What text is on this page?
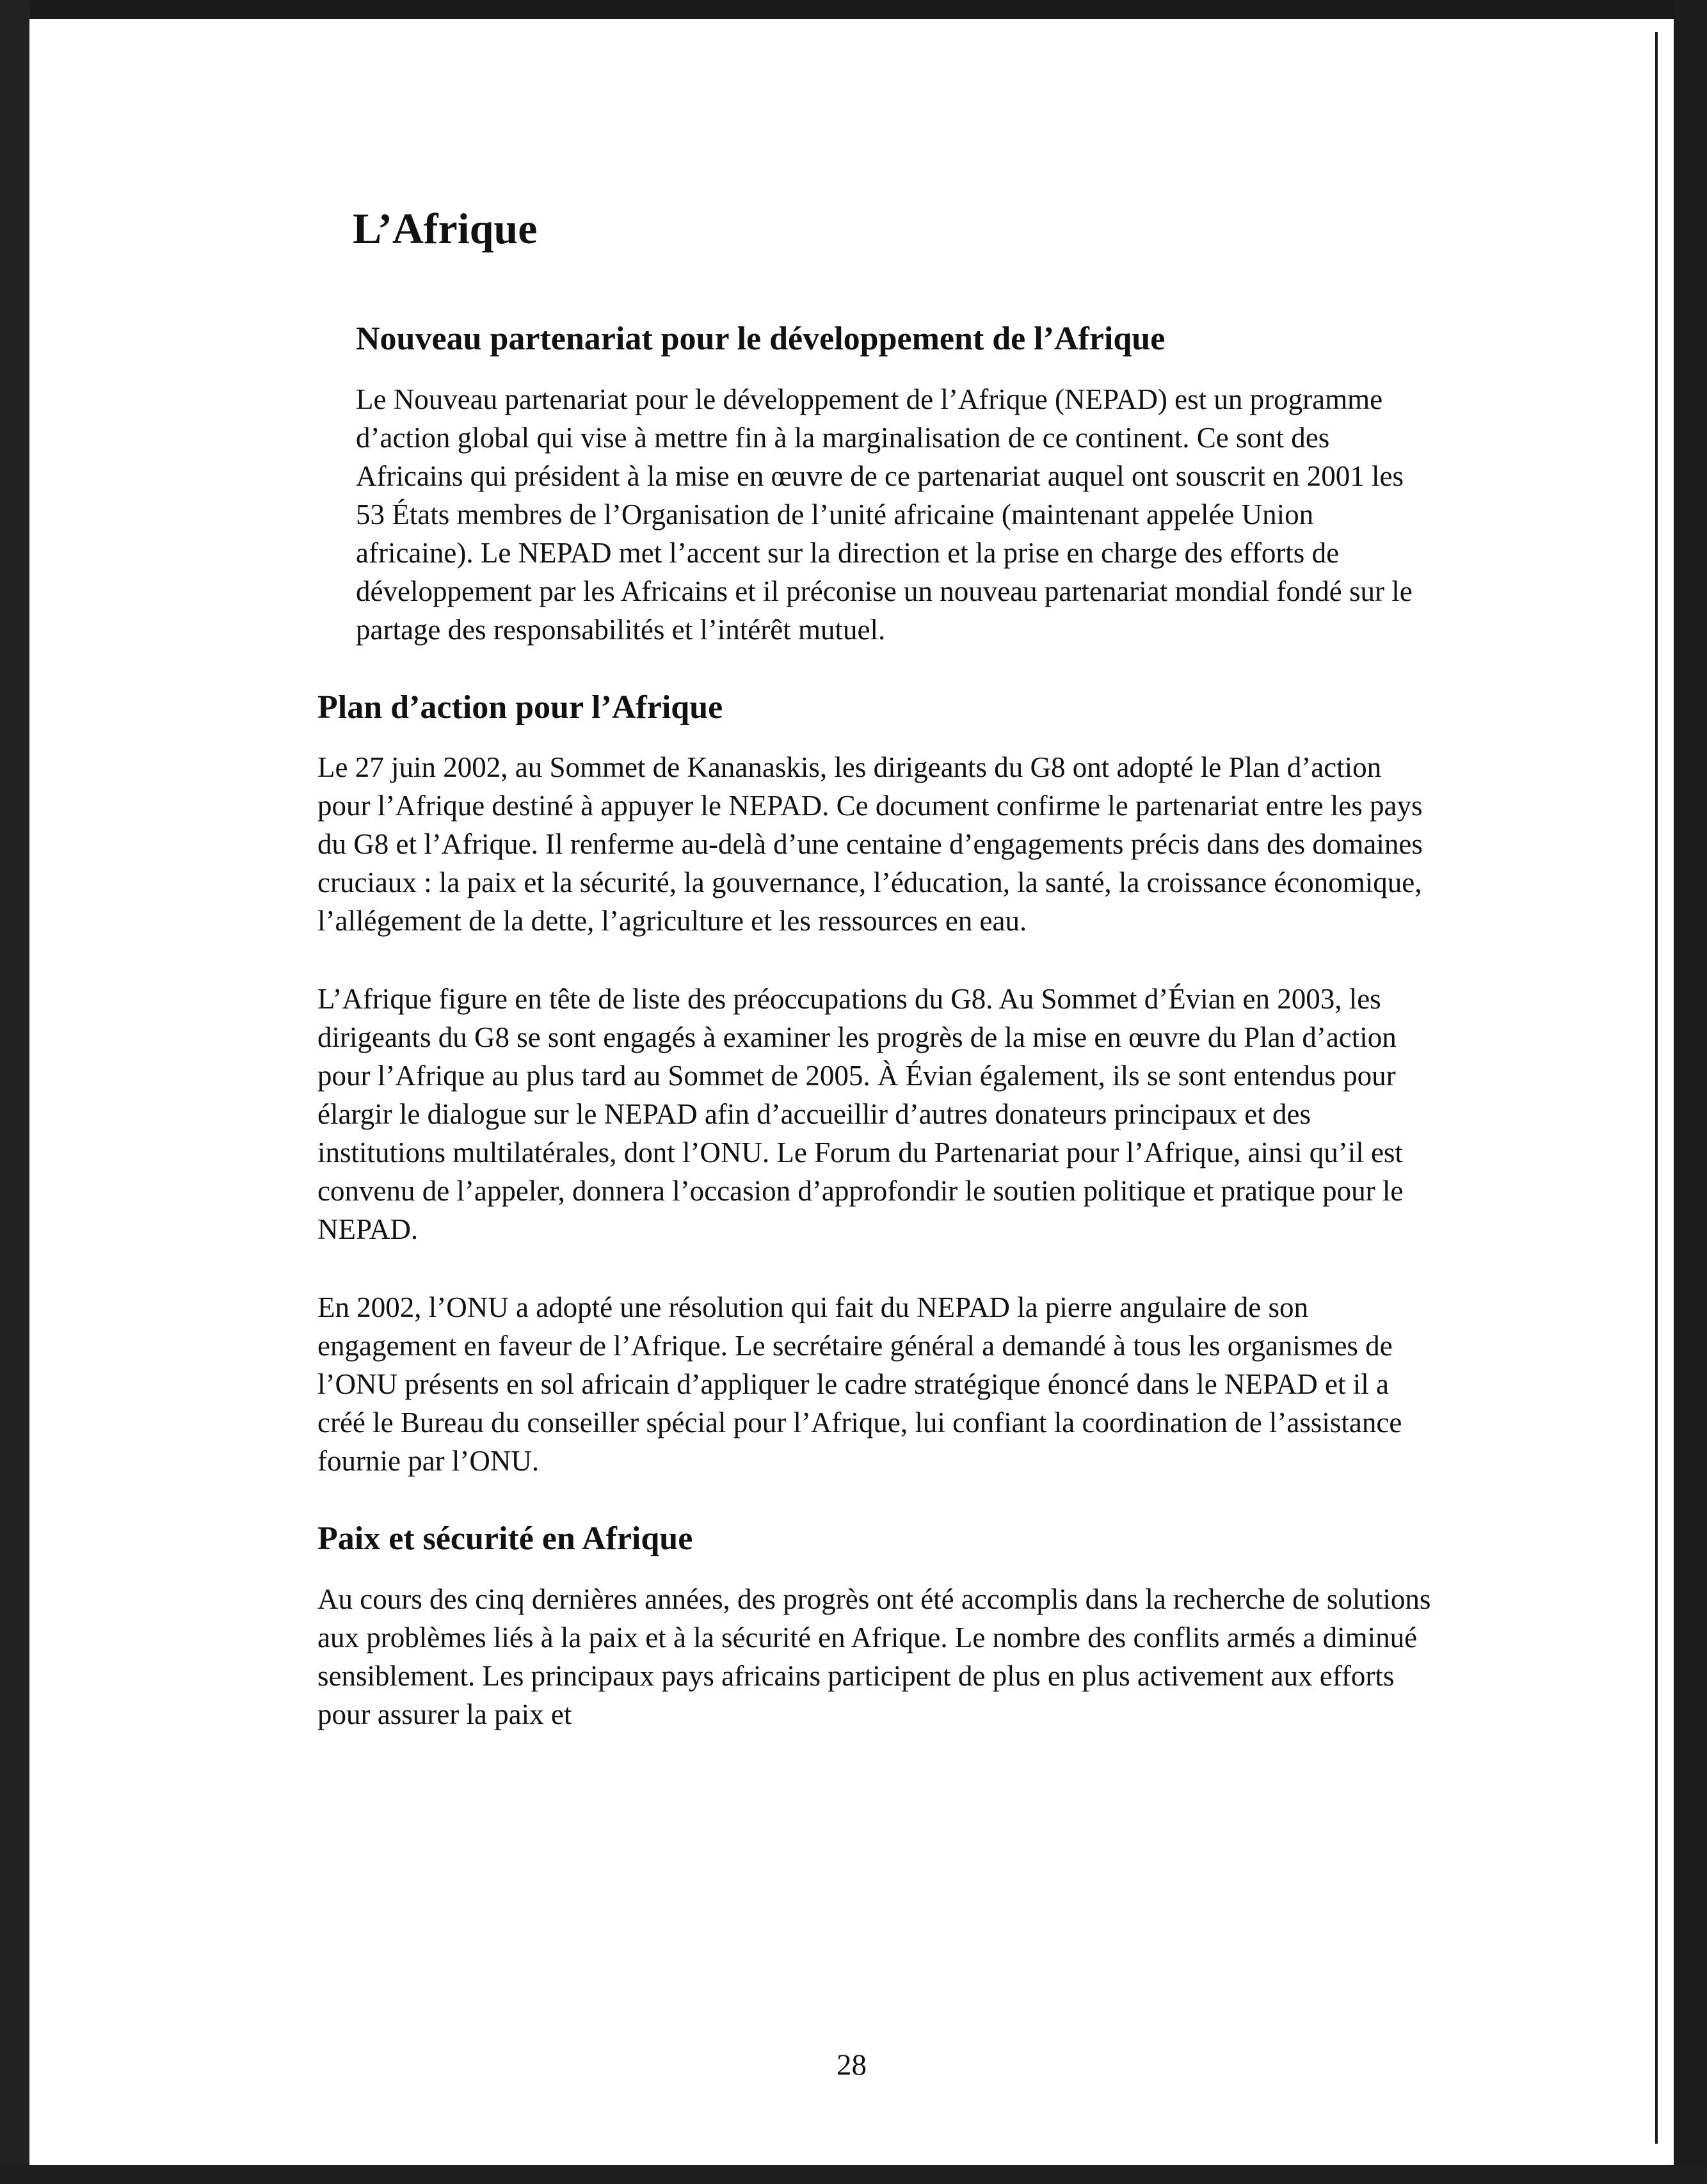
L’Afrique
Nouveau partenariat pour le développement de l’Afrique

Le Nouveau partenariat pour le développement de l’Afrique (NEPAD) est un programme d’action global qui vise à mettre fin à la marginalisation de ce continent. Ce sont des Africains qui président à la mise en œuvre de ce partenariat auquel ont souscrit en 2001 les 53 États membres de l’Organisation de l’unité africaine (maintenant appelée Union africaine). Le NEPAD met l’accent sur la direction et la prise en charge des efforts de développement par les Africains et il préconise un nouveau partenariat mondial fondé sur le partage des responsabilités et l’intérêt mutuel.

Plan d’action pour l’Afrique

Le 27 juin 2002, au Sommet de Kananaskis, les dirigeants du G8 ont adopté le Plan d’action pour l’Afrique destiné à appuyer le NEPAD. Ce document confirme le partenariat entre les pays du G8 et l’Afrique. Il renferme au-delà d’une centaine d’engagements précis dans des domaines cruciaux : la paix et la sécurité, la gouvernance, l’éducation, la santé, la croissance économique, l’allégement de la dette, l’agriculture et les ressources en eau.

L’Afrique figure en tête de liste des préoccupations du G8. Au Sommet d’Évian en 2003, les dirigeants du G8 se sont engagés à examiner les progrès de la mise en œuvre du Plan d’action pour l’Afrique au plus tard au Sommet de 2005. À Évian également, ils se sont entendus pour élargir le dialogue sur le NEPAD afin d’accueillir d’autres donateurs principaux et des institutions multilatérales, dont l’ONU. Le Forum du Partenariat pour l’Afrique, ainsi qu’il est convenu de l’appeler, donnera l’occasion d’approfondir le soutien politique et pratique pour le NEPAD.

En 2002, l’ONU a adopté une résolution qui fait du NEPAD la pierre angulaire de son engagement en faveur de l’Afrique. Le secrétaire général a demandé à tous les organismes de l’ONU présents en sol africain d’appliquer le cadre stratégique énoncé dans le NEPAD et il a créé le Bureau du conseiller spécial pour l’Afrique, lui confiant la coordination de l’assistance fournie par l’ONU.

Paix et sécurité en Afrique

Au cours des cinq dernières années, des progrès ont été accomplis dans la recherche de solutions aux problèmes liés à la paix et à la sécurité en Afrique. Le nombre des conflits armés a diminué sensiblement. Les principaux pays africains participent de plus en plus activement aux efforts pour assurer la paix et

28
